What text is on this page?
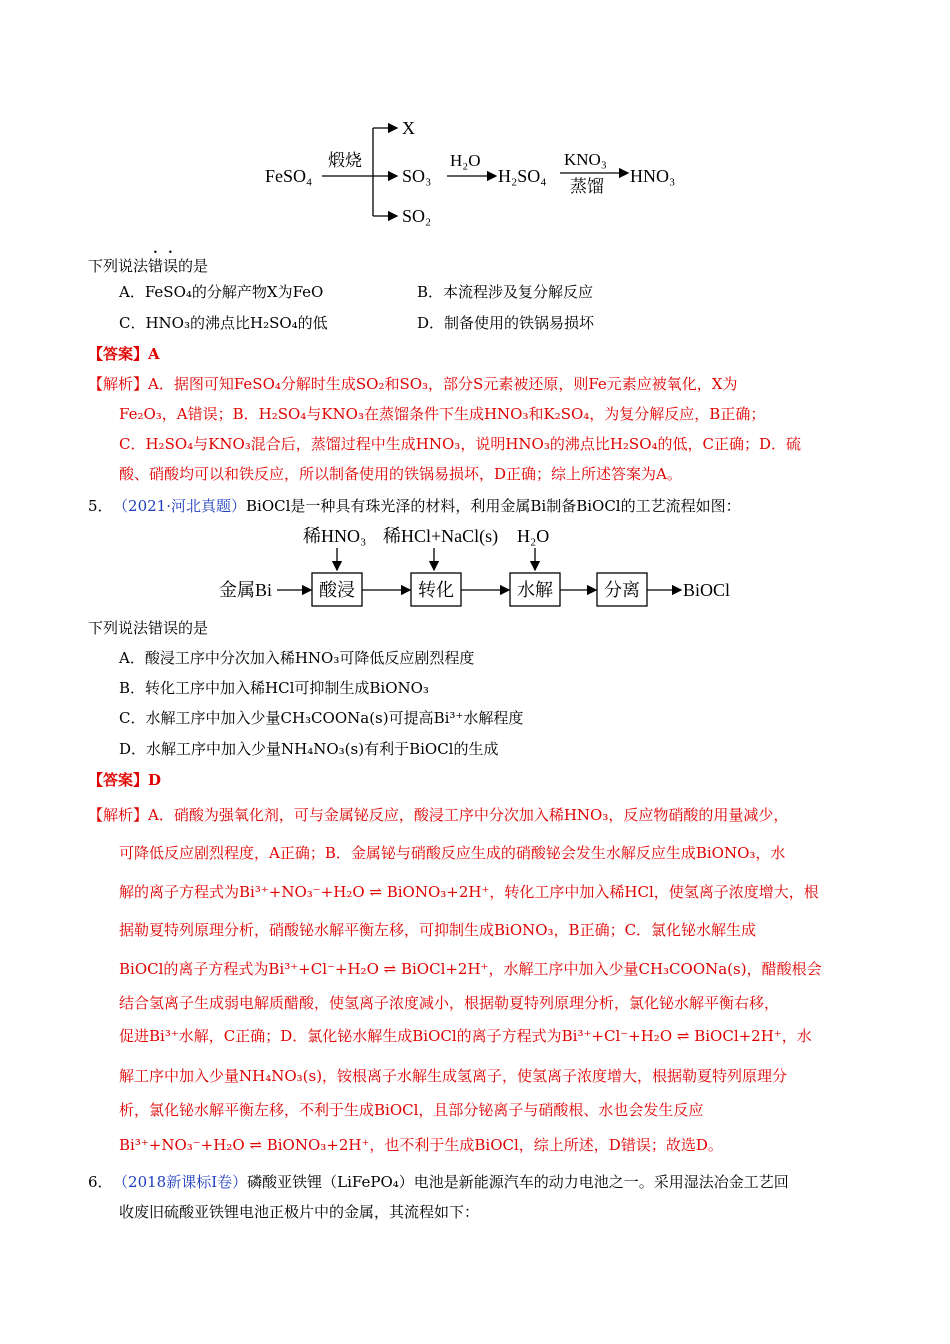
FeSO₄
煅烧
X
SO₃
SO₂
H₂O
H₂SO₄
KNO₃
蒸馏
HNO₃
下列说法错误的是
A．FeSO₄的分解产物X为FeO	B．本流程涉及复分解反应
C．HNO₃的沸点比H₂SO₄的低	D．制备使用的铁锅易损坏
【答案】A
【解析】A．据图可知FeSO₄分解时生成SO₂和SO₃，部分S元素被还原，则Fe元素应被氧化，X为
Fe₂O₃，A错误；B．H₂SO₄与KNO₃在蒸馏条件下生成HNO₃和K₂SO₄，为复分解反应，B正确；
C．H₂SO₄与KNO₃混合后，蒸馏过程中生成HNO₃，说明HNO₃的沸点比H₂SO₄的低，C正确；D．硫
酸、硝酸均可以和铁反应，所以制备使用的铁锅易损坏，D正确；综上所述答案为A。
5． （2021·河北真题）BiOCl是一种具有珠光泽的材料，利用金属Bi制备BiOCl的工艺流程如图：
稀HNO₃ 稀HCl+NaCl(s) H₂O
金属Bi	酸浸	转化	水解	分离 BiOCl
下列说法错误的是
A．酸浸工序中分次加入稀HNO₃可降低反应剧烈程度
B．转化工序中加入稀HCl可抑制生成BiONO₃
C．水解工序中加入少量CH₃COONa(s)可提高Bi³⁺水解程度
D．水解工序中加入少量NH₄NO₃(s)有利于BiOCl的生成
【答案】D
【解析】A．硝酸为强氧化剂，可与金属铋反应，酸浸工序中分次加入稀HNO₃，反应物硝酸的用量减少，
可降低反应剧烈程度，A正确；B．金属铋与硝酸反应生成的硝酸铋会发生水解反应生成BiONO₃，水
解的离子方程式为Bi³⁺+NO₃⁻+H₂O ⇌ BiONO₃+2H⁺，转化工序中加入稀HCl，使氢离子浓度增大，根
据勒夏特列原理分析，硝酸铋水解平衡左移，可抑制生成BiONO₃，B正确；C．氯化铋水解生成
BiOCl的离子方程式为Bi³⁺+Cl⁻+H₂O ⇌ BiOCl+2H⁺，水解工序中加入少量CH₃COONa(s)，醋酸根会
结合氢离子生成弱电解质醋酸，使氢离子浓度减小，根据勒夏特列原理分析，氯化铋水解平衡右移，
促进Bi³⁺水解，C正确；D．氯化铋水解生成BiOCl的离子方程式为Bi³⁺+Cl⁻+H₂O ⇌ BiOCl+2H⁺，水
解工序中加入少量NH₄NO₃(s)，铵根离子水解生成氢离子，使氢离子浓度增大，根据勒夏特列原理分
析，氯化铋水解平衡左移，不利于生成BiOCl，且部分铋离子与硝酸根、水也会发生反应
Bi³⁺+NO₃⁻+H₂O ⇌ BiONO₃+2H⁺，也不利于生成BiOCl，综上所述，D错误；故选D。
6． （2018新课标Ⅰ卷）磷酸亚铁锂（LiFePO₄）电池是新能源汽车的动力电池之一。采用湿法冶金工艺回
收废旧硫酸亚铁锂电池正极片中的金属，其流程如下：
